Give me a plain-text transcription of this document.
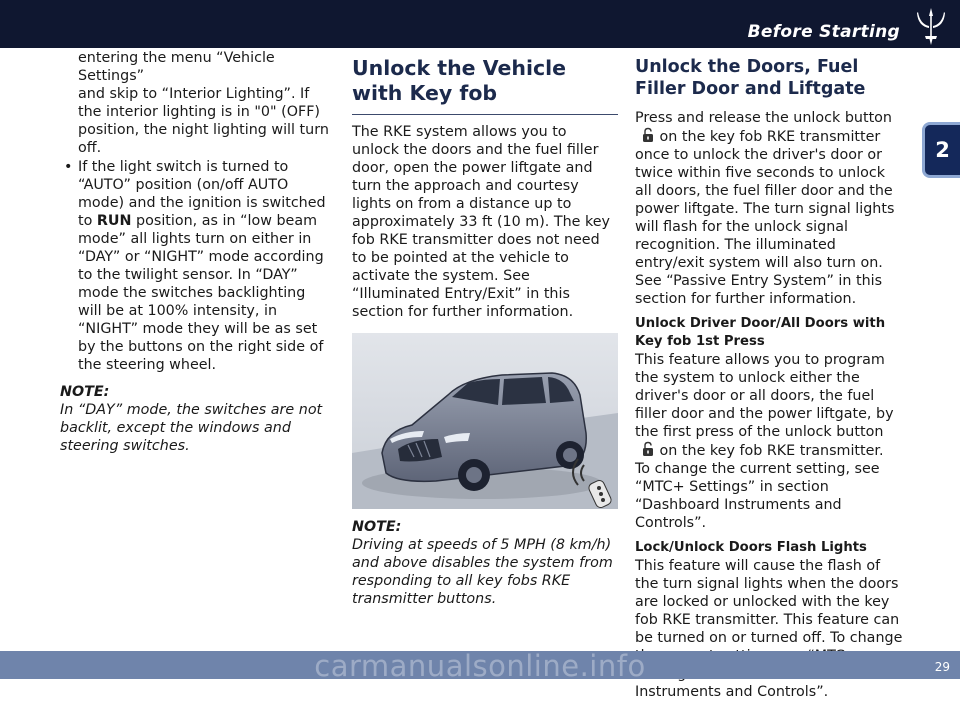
Before Starting
2
entering the menu “Vehicle Settings”
and skip to “Interior Lighting”. If
the interior lighting is in "0" (OFF)
position, the night lighting will turn
off.
• If the light switch is turned to “AUTO” position (on/off AUTO mode) and the ignition is switched to RUN position, as in “low beam mode” all lights turn on either in “DAY” or “NIGHT” mode according to the twilight sensor. In “DAY” mode the switches backlighting will be at 100% intensity, in “NIGHT” mode they will be as set by the buttons on the right side of the steering wheel.

NOTE:

In “DAY” mode, the switches are not backlit, except the windows and steering switches.

Unlock the Vehicle with Key fob

The RKE system allows you to unlock the doors and the fuel filler door, open the power liftgate and turn the approach and courtesy lights on from a distance up to approximately 33 ft (10 m). The key fob RKE transmitter does not need to be pointed at the vehicle to activate the system. See “Illuminated Entry/Exit” in this section for further information.

NOTE:

Driving at speeds of 5 MPH (8 km/h) and above disables the system from responding to all key fobs RKE transmitter buttons.

Unlock the Doors, Fuel Filler Door and Liftgate

Press and release the unlock button on the key fob RKE transmitter once to unlock the driver's door or twice within five seconds to unlock all doors, the fuel filler door and the power liftgate. The turn signal lights will flash for the unlock signal recognition. The illuminated entry/exit system will also turn on. See “Passive Entry System” in this section for further information.

Unlock Driver Door/All Doors with Key fob 1st Press

This feature allows you to program the system to unlock either the driver's door or all doors, the fuel filler door and the power liftgate, by the first press of the unlock button on the key fob RKE transmitter. To change the current setting, see “MTC+ Settings” in section “Dashboard Instruments and Controls”.

Lock/Unlock Doors Flash Lights

This feature will cause the flash of the turn signal lights when the doors are locked or unlocked with the key fob RKE transmitter. This feature can be turned on or turned off. To change Instruments and Controls”.

carmanualsonline.info	29
